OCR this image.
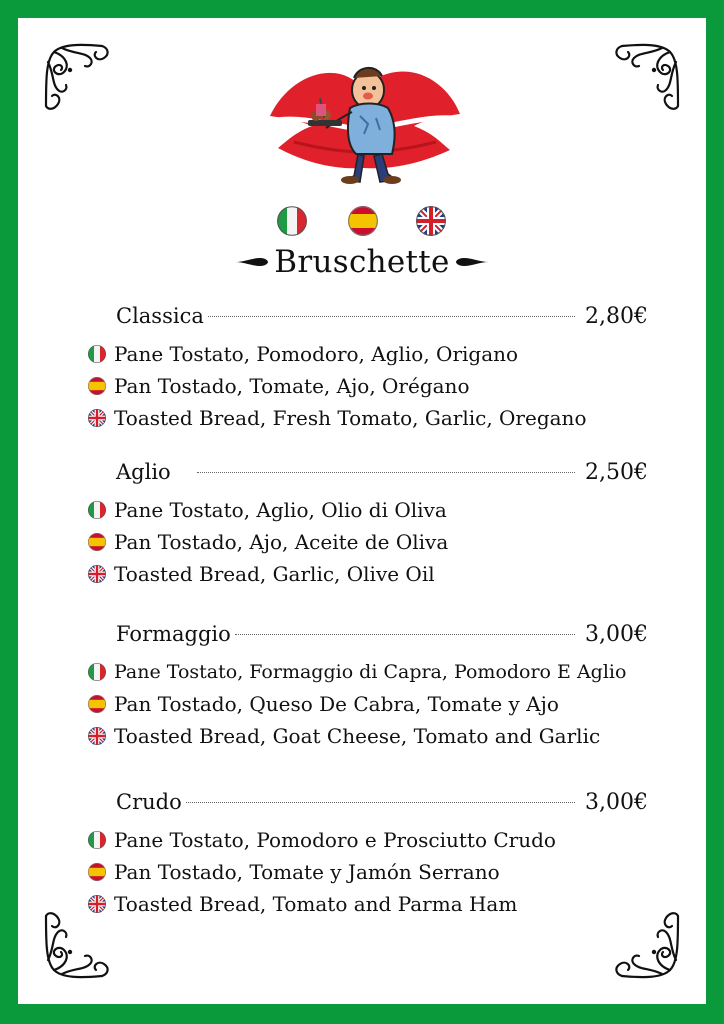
Bruschette
Classica	2,80€
Pane Tostato, Pomodoro, Aglio, Origano
Pan Tostado, Tomate, Ajo, Orégano
Toasted Bread, Fresh Tomato, Garlic, Oregano
Aglio	2,50€
Pane Tostato, Aglio, Olio di Oliva
Pan Tostado, Ajo, Aceite de Oliva
Toasted Bread, Garlic, Olive Oil
Formaggio	3,00€
Pane Tostato, Formaggio di Capra, Pomodoro E Aglio
Pan Tostado, Queso De Cabra, Tomate y Ajo
Toasted Bread, Goat Cheese, Tomato and Garlic
Crudo	3,00€
Pane Tostato, Pomodoro e Prosciutto Crudo
Pan Tostado, Tomate y Jamón Serrano
Toasted Bread, Tomato and Parma Ham
